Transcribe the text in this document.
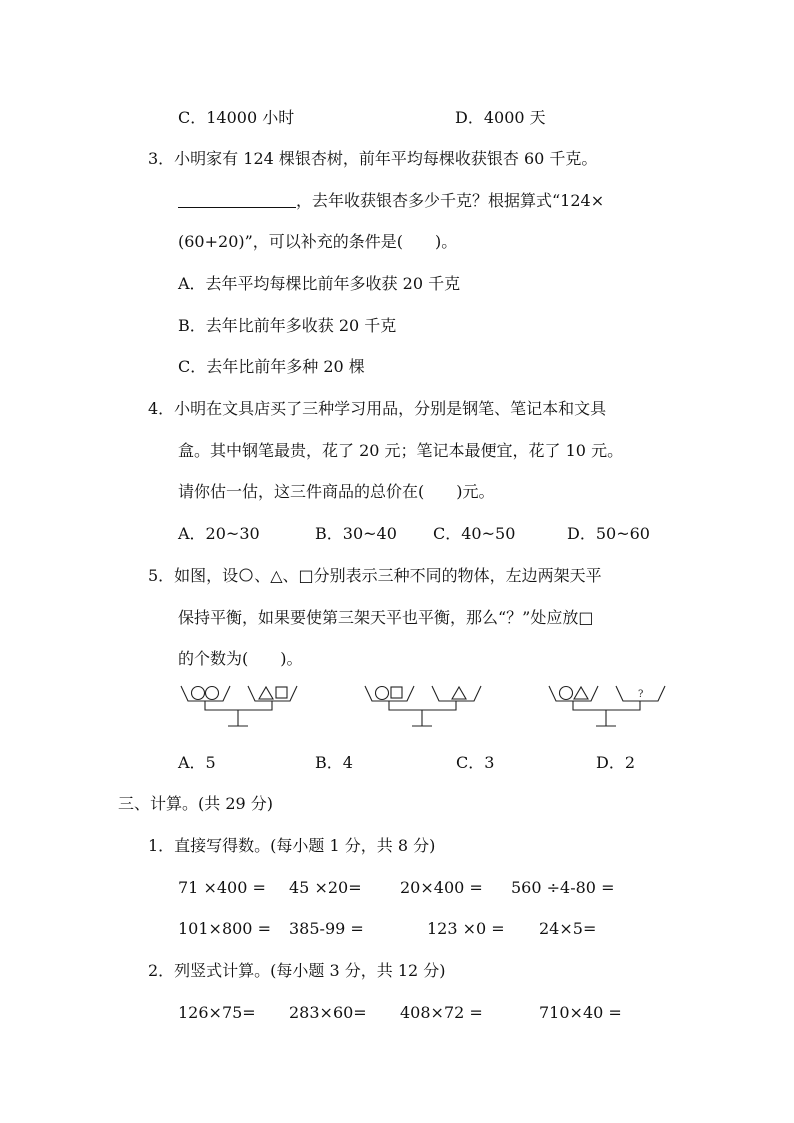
C．14000 小时	D．4000 天
3．小明家有 124 棵银杏树，前年平均每棵收获银杏 60 千克。
，去年收获银杏多少千克？根据算式“124×
(60+20)”，可以补充的条件是(　　)。
A．去年平均每棵比前年多收获 20 千克
B．去年比前年多收获 20 千克
C．去年比前年多种 20 棵
4．小明在文具店买了三种学习用品，分别是钢笔、笔记本和文具
盒。其中钢笔最贵，花了 20 元；笔记本最便宜，花了 10 元。
请你估一估，这三件商品的总价在(　　)元。
A．20~30	B．30~40 C．40~50	D．50~60
5．如图，设 、△、□分别表示三种不同的物体，左边两架天平
保持平衡，如果要使第三架天平也平衡，那么“？”处应放□
的个数为(　　)。
?
A．5	B．4	C．3	D．2
三、计算。(共 29 分)
1．直接写得数。(每小题 1 分，共 8 分)
71 ×400 = 45 ×20= 20×400 = 560 ÷4-80 =
101×800 = 385-99 =	123 ×0 = 24×5=
2．列竖式计算。(每小题 3 分，共 12 分)
126×75= 283×60= 408×72 =	710×40 =
